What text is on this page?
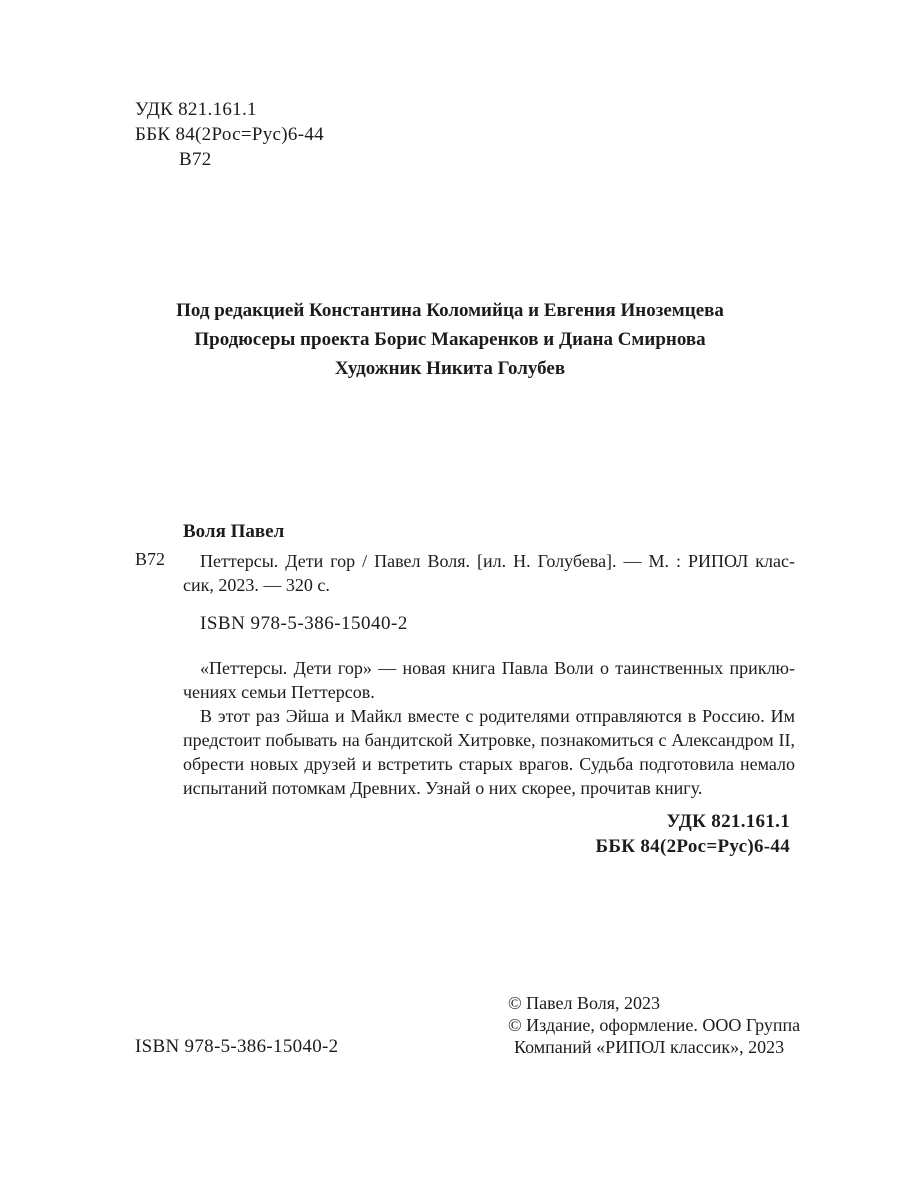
УДК 821.161.1
ББК 84(2Рос=Рус)6-44
В72
Под редакцией Константина Коломийца и Евгения Иноземцева
Продюсеры проекта Борис Макаренков и Диана Смирнова
Художник Никита Голубев
Воля Павел
В72	Петтерсы. Дети гор / Павел Воля. [ил. Н. Голубева]. — М. : РИПОЛ клас-
сик, 2023. — 320 с.
ISBN 978-5-386-15040-2
«Петтерсы. Дети гор» — новая книга Павла Воли о таинственных приклю-
чениях семьи Петтерсов.
В этот раз Эйша и Майкл вместе с родителями отправляются в Россию. Им
предстоит побывать на бандитской Хитровке, познакомиться с Александром II,
обрести новых друзей и встретить старых врагов. Судьба подготовила немало
испытаний потомкам Древних. Узнай о них скорее, прочитав книгу.
УДК 821.161.1
ББК 84(2Рос=Рус)6-44
© Павел Воля, 2023
© Издание, оформление. ООО Группа
Компаний «РИПОЛ классик», 2023
ISBN 978-5-386-15040-2
